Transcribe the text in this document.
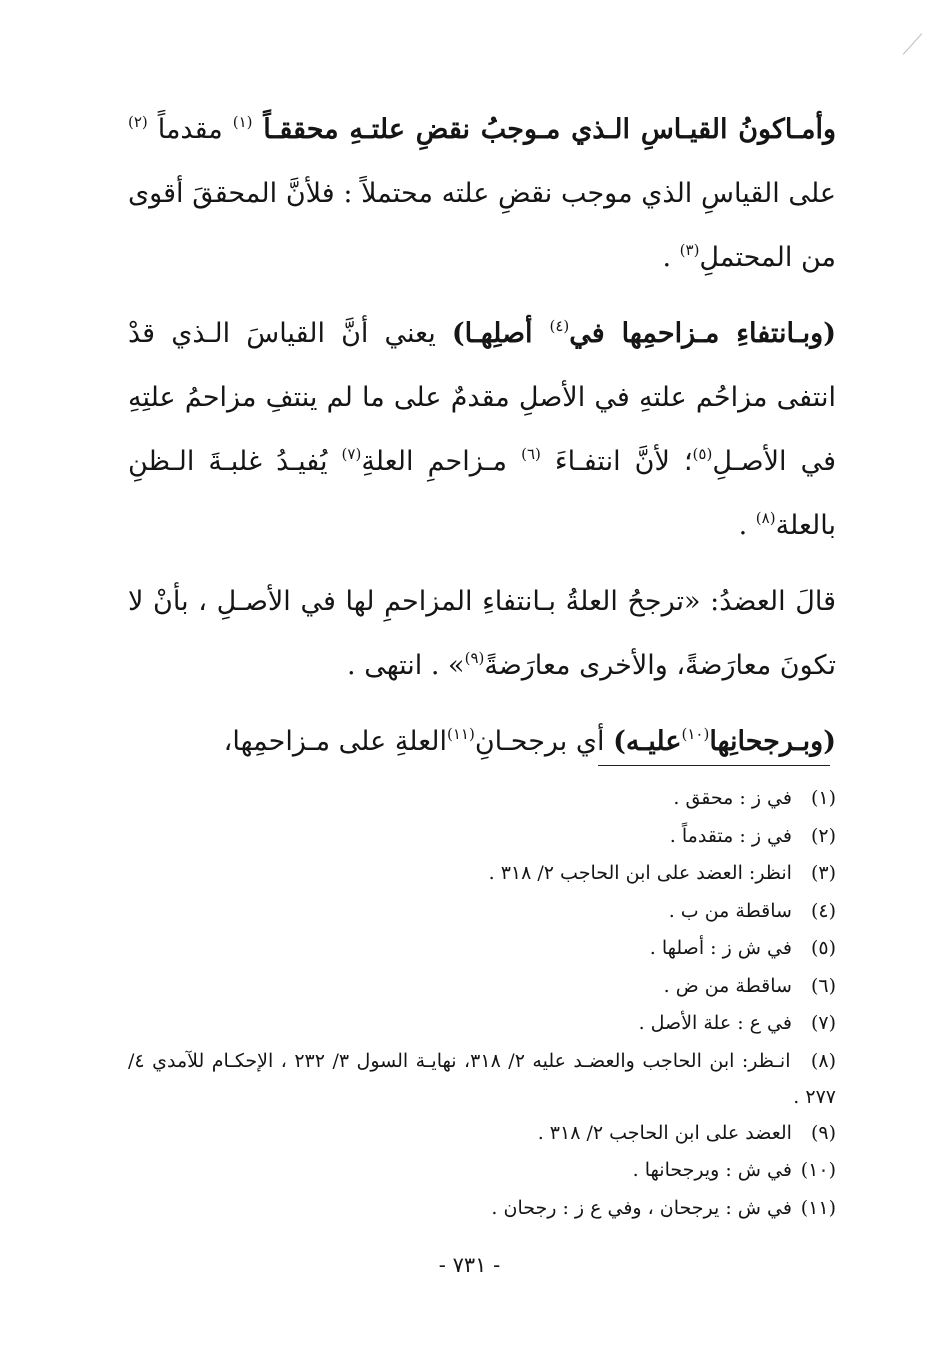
وأمـاكونُ القيـاسِ الـذي مـوجبُ نقضِ علتـهِ محققـاً $^{(١)}$ مقدماً $^{(٢)}$ على القياسِ الذي موجب نقضِ علته محتملاً : فلأنَّ المحققَ أقوى من المحتملِ$^{(٣)}$ .

(وبـانتفاءِ مـزاحمِها في$^{(٤)}$ أصلِهـا) يعني أنَّ القياسَ الـذي قدْ انتفى مزاحُم علتهِ في الأصلِ مقدمٌ على ما لم ينتفِ مزاحمُ علتِهِ في الأصـلِ$^{(٥)}$؛ لأنَّ انتفـاءَ $^{(٦)}$ مـزاحمِ العلةِ$^{(٧)}$ يُفيـدُ غلبـةَ الـظنِ بالعلة$^{(٨)}$ .

قالَ العضدُ: «ترجحُ العلةُ بـانتفاءِ المزاحمِ لها في الأصـلِ ، بأنْ لا تكونَ معارَضةً، والأخرى معارَضةً$^{(٩)}$» . انتهى .

(وبـرجحانِها$^{(١٠)}$عليـه) أي برجحـانِ$^{(١١)}$العلةِ على مـزاحمِها،

(١) في ز : محقق .
(٢) في ز : متقدماً .
(٣) انظر: العضد على ابن الحاجب ٢/ ٣١٨ .
(٤) ساقطة من ب .
(٥) في ش ز : أصلها .
(٦) ساقطة من ض .
(٧) في ع : علة الأصل .
(٨) انـظر: ابن الحاجب والعضـد عليه ٢/ ٣١٨، نهايـة السول ٣/ ٢٣٢ ، الإحكـام للآمدي ٤/ ٢٧٧ .
(٩) العضد على ابن الحاجب ٢/ ٣١٨ .
(١٠) في ش : ويرجحانها .
(١١) في ش : يرجحان ، وفي ع ز : رجحان .
- ٧٣١ -
